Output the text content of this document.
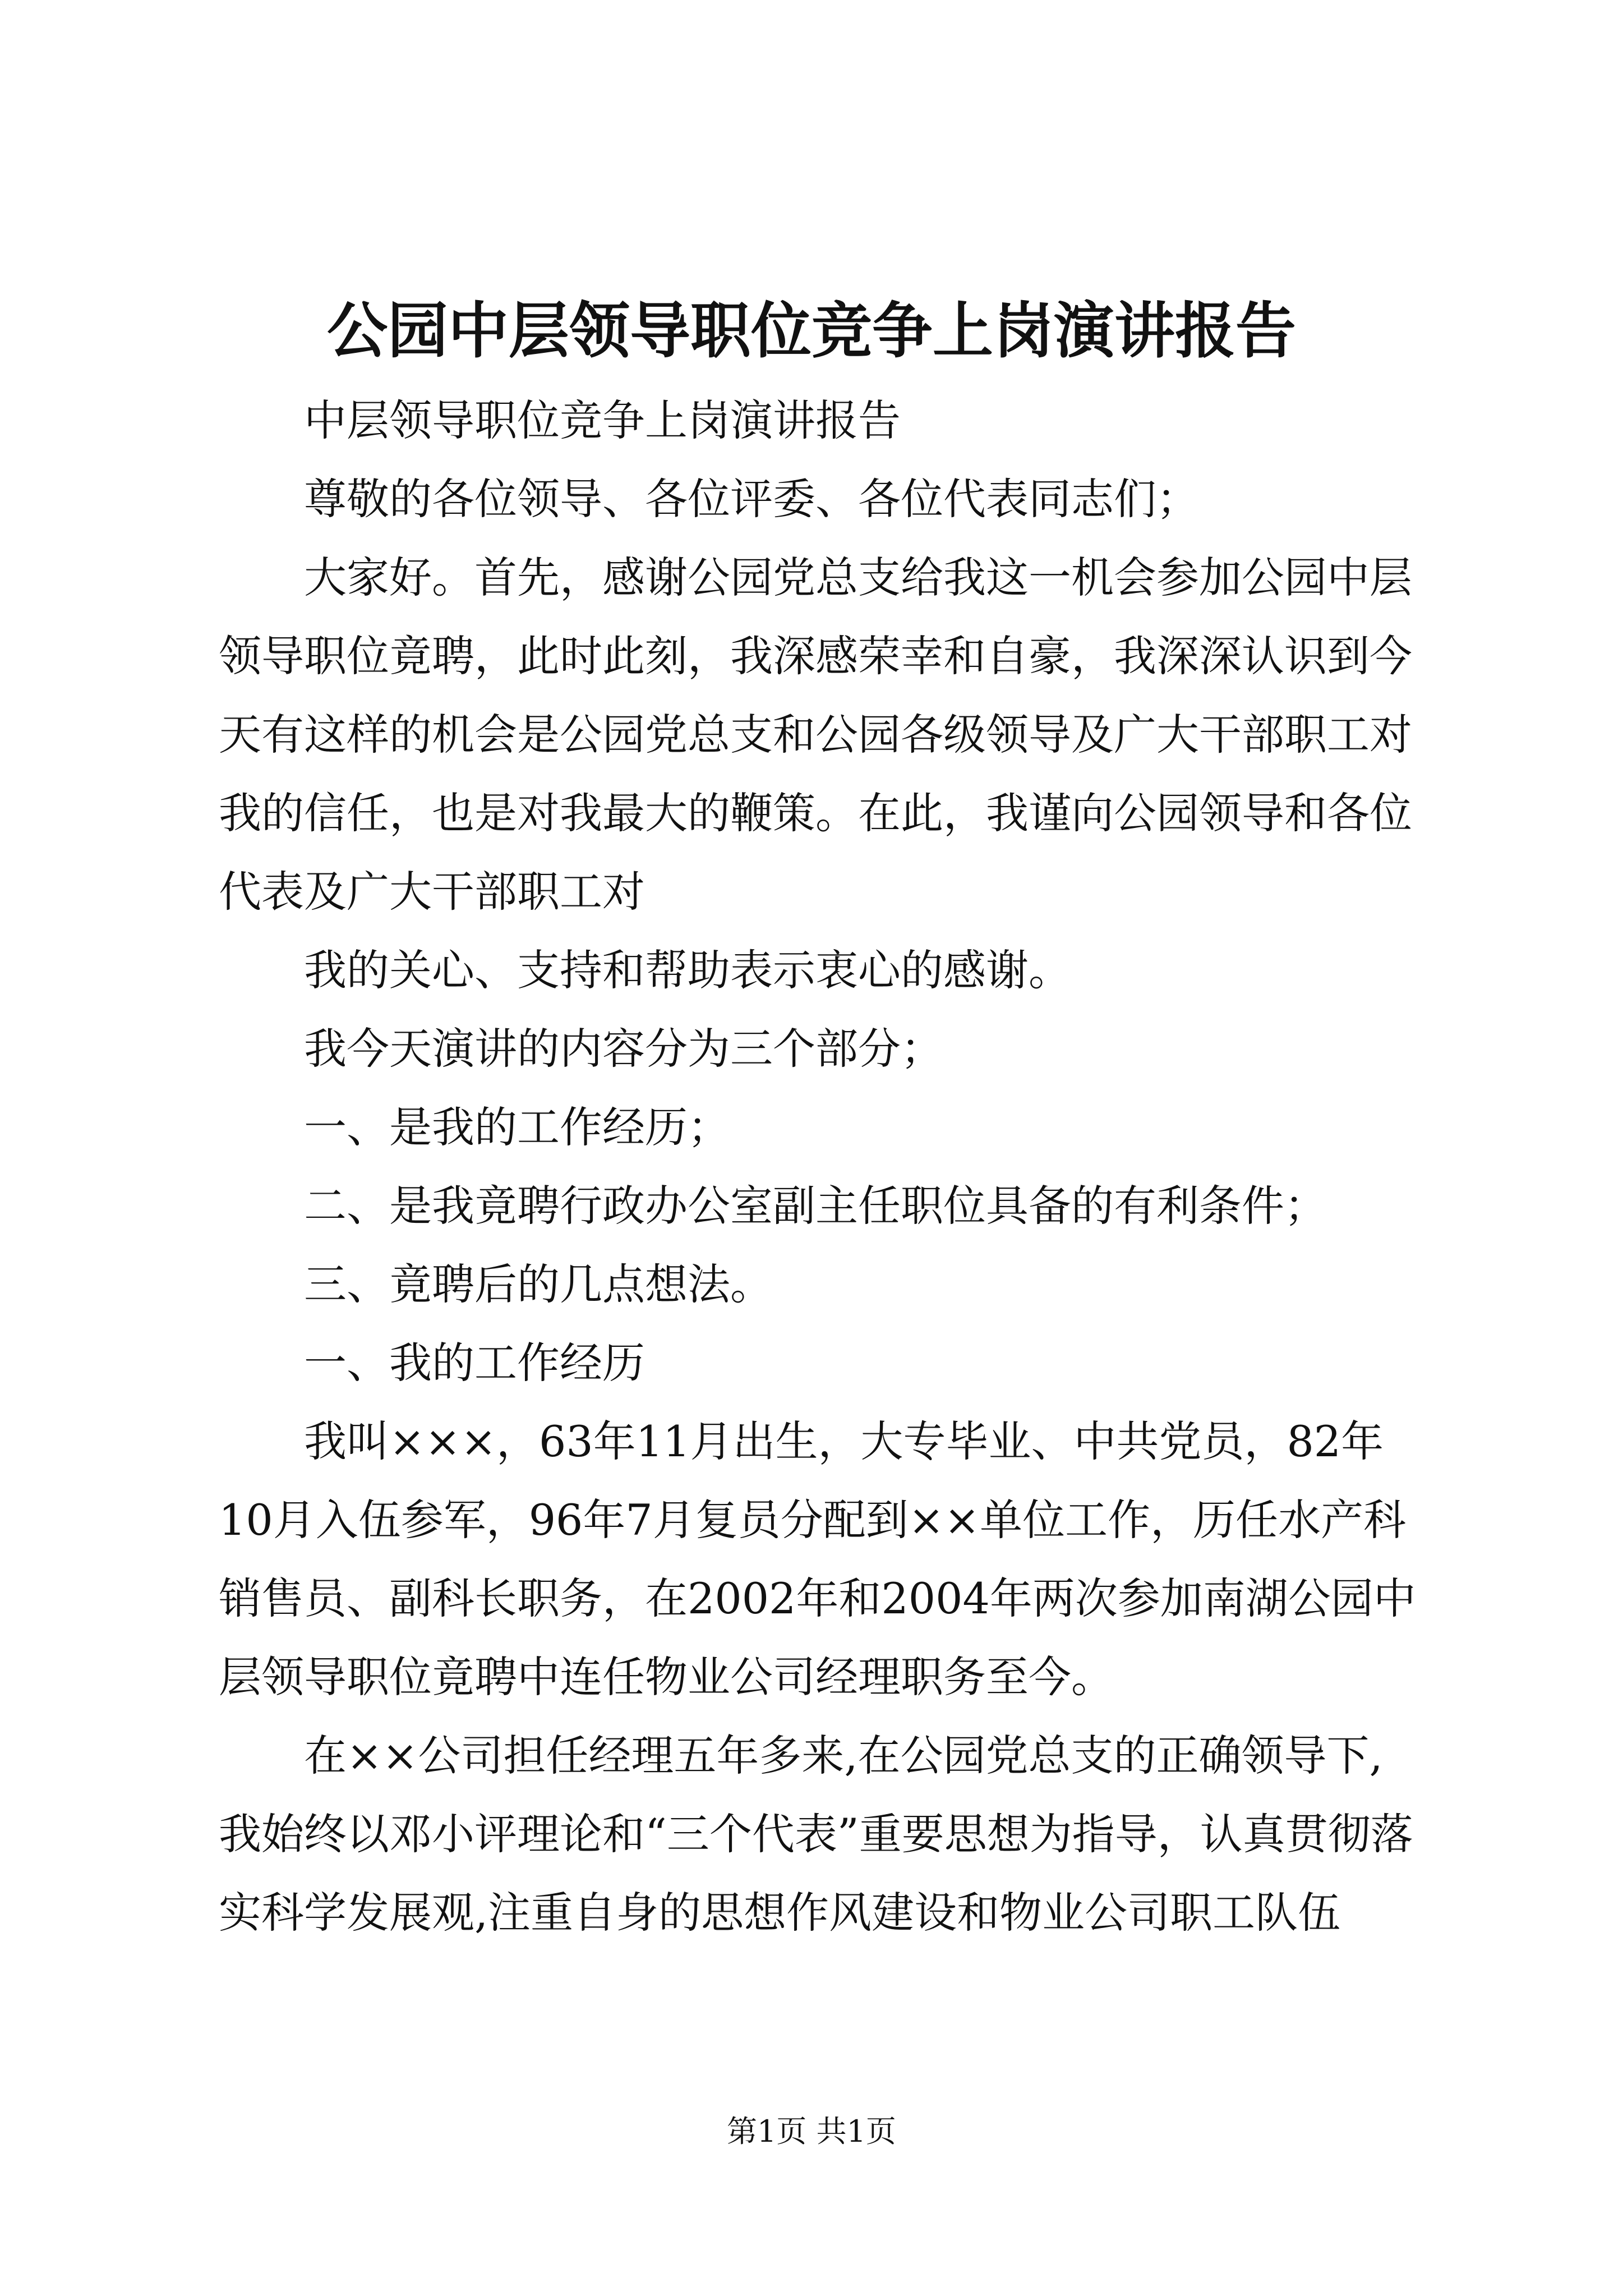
公园中层领导职位竞争上岗演讲报告

中层领导职位竞争上岗演讲报告

尊敬的各位领导、各位评委、各位代表同志们；

大家好。首先，感谢公园党总支给我这一机会参加公园中层领导职位竟聘，此时此刻，我深感荣幸和自豪，我深深认识到今天有这样的机会是公园党总支和公园各级领导及广大干部职工对我的信任，也是对我最大的鞭策。在此，我谨向公园领导和各位代表及广大干部职工对

我的关心、支持和帮助表示衷心的感谢。

我今天演讲的内容分为三个部分；

一、是我的工作经历；

二、是我竟聘行政办公室副主任职位具备的有利条件；

三、竟聘后的几点想法。

一、我的工作经历

我叫×××，63年11月出生，大专毕业、中共党员，82年10月入伍参军，96年7月复员分配到××单位工作，历任水产科销售员、副科长职务，在2002年和2004年两次参加南湖公园中层领导职位竟聘中连任物业公司经理职务至今。

在××公司担任经理五年多来,在公园党总支的正确领导下,我始终以邓小评理论和“三个代表”重要思想为指导，认真贯彻落实科学发展观,注重自身的思想作风建设和物业公司职工队伍

第1页 共1页
